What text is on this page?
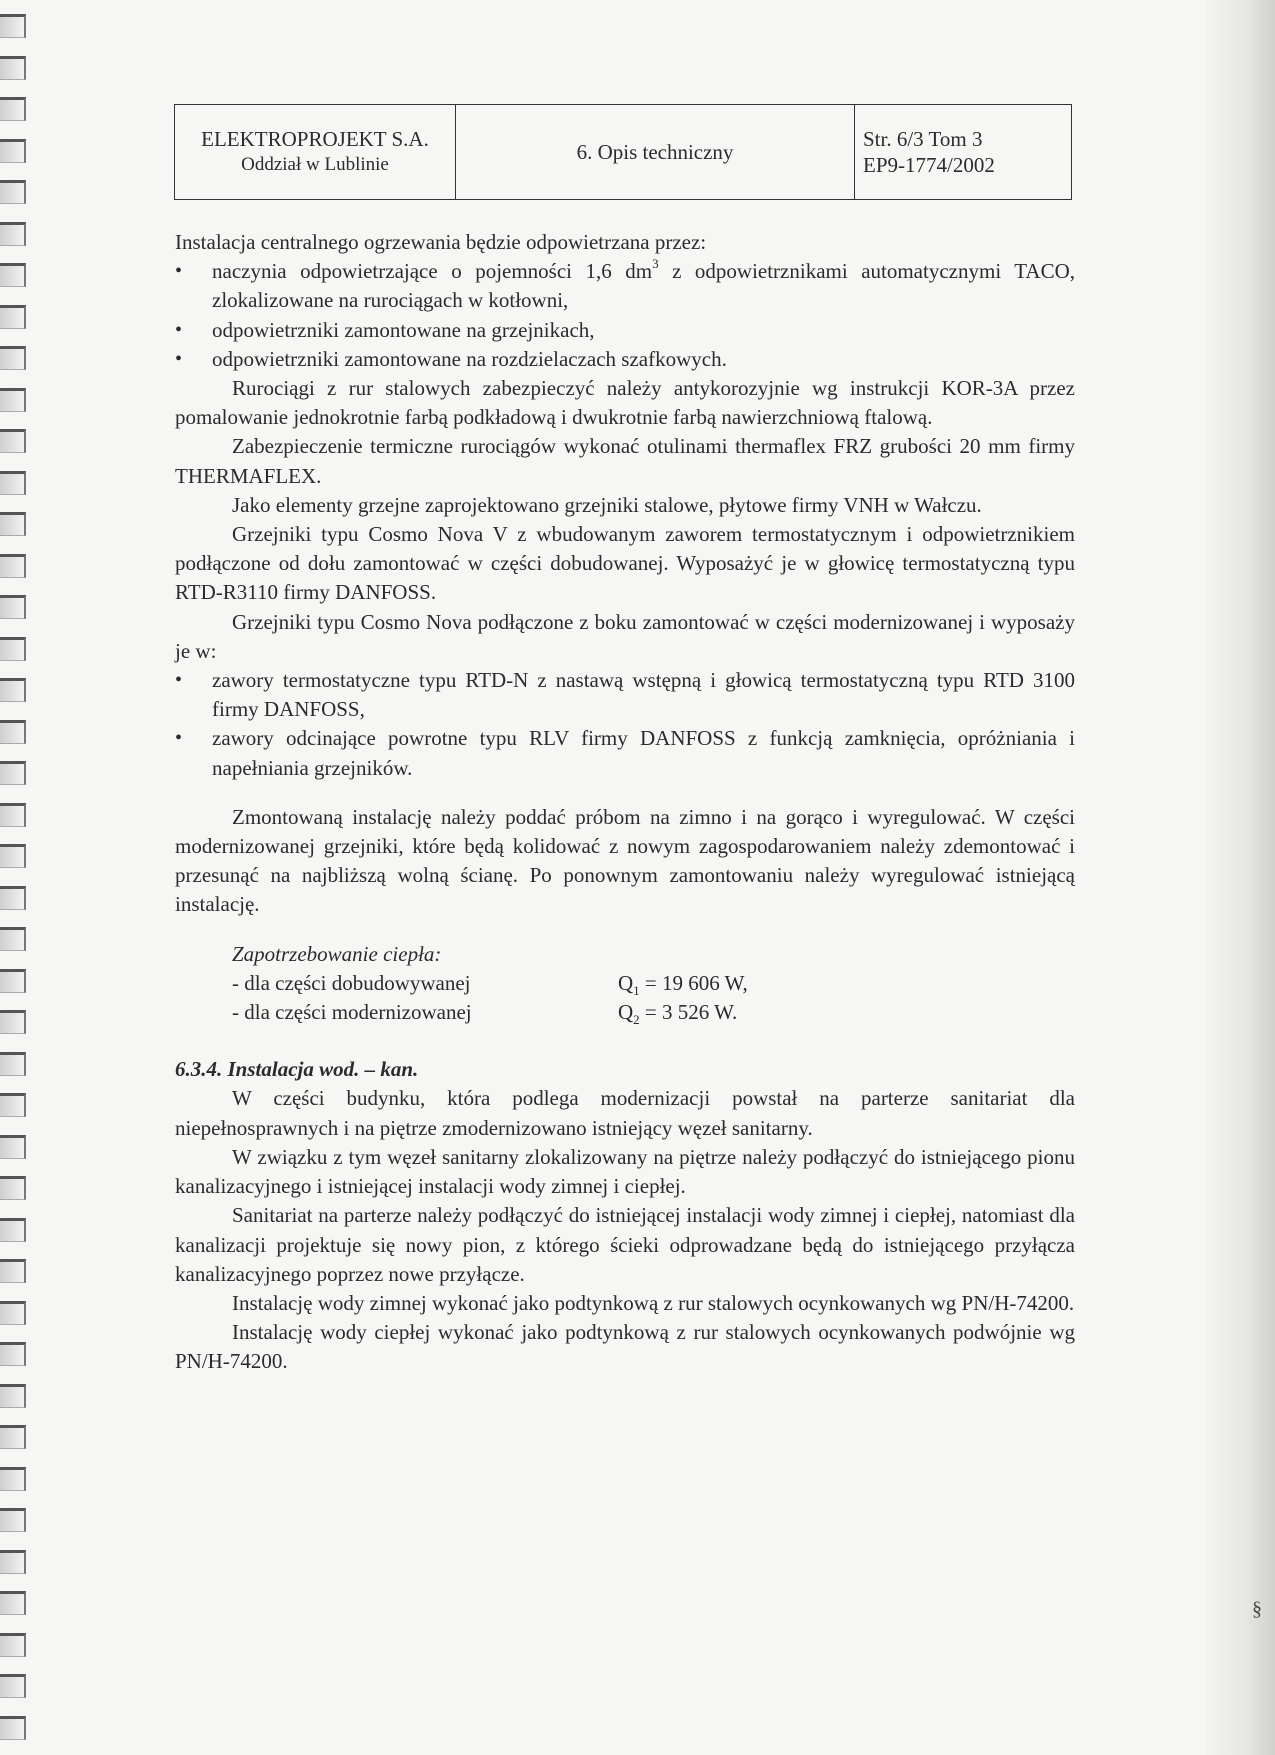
ELEKTROPROJEKT S.A.
Oddział w Lublinie
	6. Opis techniczny	
Str. 6/3 Tom 3
EP9-1774/2002

Instalacja centralnego ogrzewania będzie odpowietrzana przez:

• naczynia odpowietrzające o pojemności 1,6 $dm^3$ z odpowietrznikami automatycznymi TACO, zlokalizowane na rurociągach w kotłowni,
• odpowietrzniki zamontowane na grzejnikach,
• odpowietrzniki zamontowane na rozdzielaczach szafkowych.

Rurociągi z rur stalowych zabezpieczyć należy antykorozyjnie wg instrukcji KOR-3A przez pomalowanie jednokrotnie farbą podkładową i dwukrotnie farbą nawierzchniową ftalową.

Zabezpieczenie termiczne rurociągów wykonać otulinami thermaflex FRZ grubości 20 mm firmy THERMAFLEX.

Jako elementy grzejne zaprojektowano grzejniki stalowe, płytowe firmy VNH w Wałczu.

Grzejniki typu Cosmo Nova V z wbudowanym zaworem termostatycznym i odpowietrznikiem podłączone od dołu zamontować w części dobudowanej. Wyposażyć je w głowicę termostatyczną typu RTD-R3110 firmy DANFOSS.

Grzejniki typu Cosmo Nova podłączone z boku zamontować w części modernizowanej i wyposaży je w:

• zawory termostatyczne typu RTD-N z nastawą wstępną i głowicą termostatyczną typu RTD 3100 firmy DANFOSS,
• zawory odcinające powrotne typu RLV firmy DANFOSS z funkcją zamknięcia, opróżniania i napełniania grzejników.

Zmontowaną instalację należy poddać próbom na zimno i na gorąco i wyregulować. W części modernizowanej grzejniki, które będą kolidować z nowym zagospodarowaniem należy zdemontować i przesunąć na najbliższą wolną ścianę. Po ponownym zamontowaniu należy wyregulować istniejącą instalację.

Zapotrzebowanie ciepła:
- dla części dobudowywanej	$Q_1 = 19$ 606 W,
- dla części modernizowanej	$Q_2 = 3$ 526 W.
6.3.4. Instalacja wod. – kan.

W części budynku, która podlega modernizacji powstał na parterze sanitariat dla niepełnosprawnych i na piętrze zmodernizowano istniejący węzeł sanitarny.

W związku z tym węzeł sanitarny zlokalizowany na piętrze należy podłączyć do istniejącego pionu kanalizacyjnego i istniejącej instalacji wody zimnej i ciepłej.

Sanitariat na parterze należy podłączyć do istniejącej instalacji wody zimnej i ciepłej, natomiast dla kanalizacji projektuje się nowy pion, z którego ścieki odprowadzane będą do istniejącego przyłącza kanalizacyjnego poprzez nowe przyłącze.

Instalację wody zimnej wykonać jako podtynkową z rur stalowych ocynkowanych wg PN/H-74200.

Instalację wody ciepłej wykonać jako podtynkową z rur stalowych ocynkowanych podwójnie wg PN/H-74200.

§
